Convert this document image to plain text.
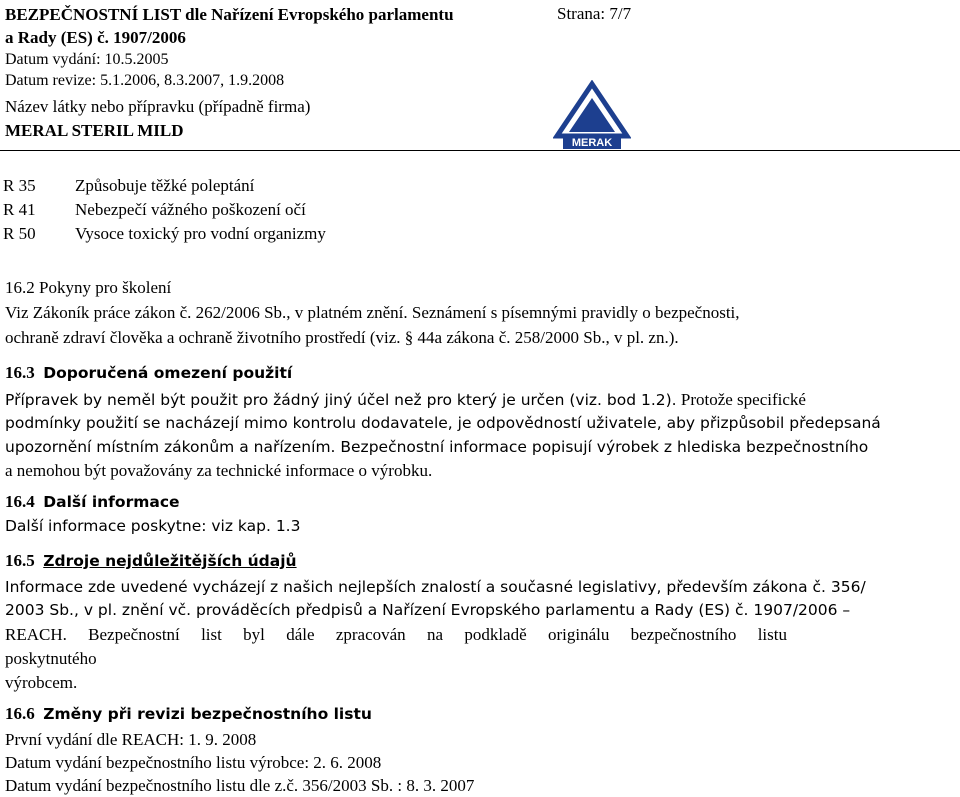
BEZPEČNOSTNÍ LIST dle Nařízení Evropského parlamentu
a Rady (ES) č. 1907/2006
Strana: 7/7
Datum vydání: 10.5.2005
Datum revize: 5.1.2006, 8.3.2007, 1.9.2008
Název látky nebo přípravku (případně firma)
MERAL STERIL MILD
MERAK
R 35 Způsobuje těžké poleptání
R 41 Nebezpečí vážného poškození očí
R 50 Vysoce toxický pro vodní organizmy
16.2 Pokyny pro školení
Viz Zákoník práce zákon č. 262/2006 Sb., v platném znění. Seznámení s písemnými pravidly o bezpečnosti,
ochraně zdraví člověka a ochraně životního prostředí (viz. § 44a zákona č. 258/2000 Sb., v pl. zn.).
16.3 Doporučená omezení použití
Přípravek by neměl být použit pro žádný jiný účel než pro který je určen (viz. bod 1.2). Protože specifické
podmínky použití se nacházejí mimo kontrolu dodavatele, je odpovědností uživatele, aby přizpůsobil předepsaná
upozornění místním zákonům a nařízením. Bezpečnostní informace popisují výrobek z hlediska bezpečnostního
a nemohou být považovány za technické informace o výrobku.
16.4 Další informace
Další informace poskytne: viz kap. 1.3
16.5 Zdroje nejdůležitějších údajů
Informace zde uvedené vycházejí z našich nejlepších znalostí a současné legislativy, především zákona č. 356/
2003 Sb., v pl. znění vč. prováděcích předpisů a Nařízení Evropského parlamentu a Rady (ES) č. 1907/2006 –
REACH. Bezpečnostní list byl dále zpracován na podkladě originálu bezpečnostního listu
poskytnutého
výrobcem.
16.6 Změny při revizi bezpečnostního listu
První vydání dle REACH: 1. 9. 2008
Datum vydání bezpečnostního listu výrobce: 2. 6. 2008
Datum vydání bezpečnostního listu dle z.č. 356/2003 Sb. : 8. 3. 2007
